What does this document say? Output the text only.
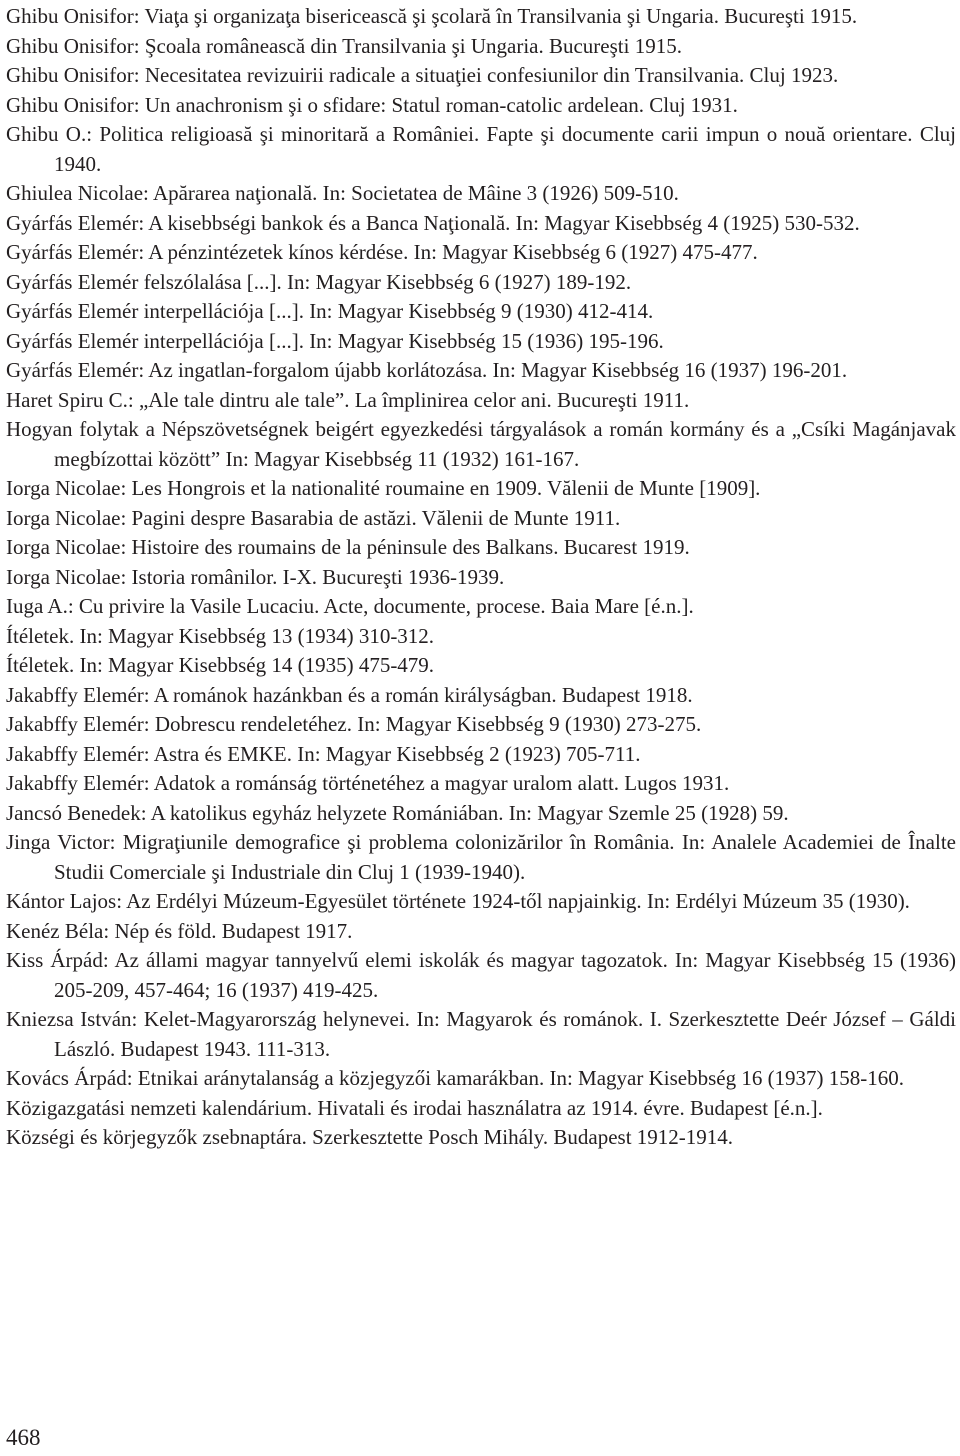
Ghibu Onisifor: Viaţa şi organizaţa bisericească şi şcolară în Transilvania şi Ungaria. Bucureşti 1915.
Ghibu Onisifor: Şcoala românească din Transilvania şi Ungaria. Bucureşti 1915.
Ghibu Onisifor: Necesitatea revizuirii radicale a situaţiei confesiunilor din Transilvania. Cluj 1923.
Ghibu Onisifor: Un anachronism şi o sfidare: Statul roman-catolic ardelean. Cluj 1931.
Ghibu O.: Politica religioasă şi minoritară a României. Fapte şi documente carii impun o nouă orientare. Cluj 1940.
Ghiulea Nicolae: Apărarea naţională. In: Societatea de Mâine 3 (1926) 509-510.
Gyárfás Elemér: A kisebbségi bankok és a Banca Naţională. In: Magyar Kisebbség 4 (1925) 530-532.
Gyárfás Elemér: A pénzintézetek kínos kérdése. In: Magyar Kisebbség 6 (1927) 475-477.
Gyárfás Elemér felszólalása [...]. In: Magyar Kisebbség 6 (1927) 189-192.
Gyárfás Elemér interpellációja [...]. In: Magyar Kisebbség 9 (1930) 412-414.
Gyárfás Elemér interpellációja [...]. In: Magyar Kisebbség 15 (1936) 195-196.
Gyárfás Elemér: Az ingatlan-forgalom újabb korlátozása. In: Magyar Kisebbség 16 (1937) 196-201.
Haret Spiru C.: „Ale tale dintru ale tale”. La împlinirea celor ani. Bucureşti 1911.
Hogyan folytak a Népszövetségnek beigért egyezkedési tárgyalások a román kormány és a „Csíki Magánjavak megbízottai között” In: Magyar Kisebbség 11 (1932) 161-167.
Iorga Nicolae: Les Hongrois et la nationalité roumaine en 1909. Vălenii de Munte [1909].
Iorga Nicolae: Pagini despre Basarabia de astăzi. Vălenii de Munte 1911.
Iorga Nicolae: Histoire des roumains de la péninsule des Balkans. Bucarest 1919.
Iorga Nicolae: Istoria românilor. I-X. Bucureşti 1936-1939.
Iuga A.: Cu privire la Vasile Lucaciu. Acte, documente, procese. Baia Mare [é.n.].
Ítéletek. In: Magyar Kisebbség 13 (1934) 310-312.
Ítéletek. In: Magyar Kisebbség 14 (1935) 475-479.
Jakabffy Elemér: A románok hazánkban és a román királyságban. Budapest 1918.
Jakabffy Elemér: Dobrescu rendeletéhez. In: Magyar Kisebbség 9 (1930) 273-275.
Jakabffy Elemér: Astra és EMKE. In: Magyar Kisebbség 2 (1923) 705-711.
Jakabffy Elemér: Adatok a románság történetéhez a magyar uralom alatt. Lugos 1931.
Jancsó Benedek: A katolikus egyház helyzete Romániában. In: Magyar Szemle 25 (1928) 59.
Jinga Victor: Migraţiunile demografice şi problema colonizărilor în România. In: Analele Academiei de Înalte Studii Comerciale şi Industriale din Cluj 1 (1939-1940).
Kántor Lajos: Az Erdélyi Múzeum-Egyesület története 1924-től napjainkig. In: Erdélyi Múzeum 35 (1930).
Kenéz Béla: Nép és föld. Budapest 1917.
Kiss Árpád: Az állami magyar tannyelvű elemi iskolák és magyar tagozatok. In: Magyar Kisebbség 15 (1936) 205-209, 457-464; 16 (1937) 419-425.
Kniezsa István: Kelet-Magyarország helynevei. In: Magyarok és románok. I. Szerkesztette Deér József – Gáldi László. Budapest 1943. 111-313.
Kovács Árpád: Etnikai aránytalanság a közjegyzői kamarákban. In: Magyar Kisebbség 16 (1937) 158-160.
Közigazgatási nemzeti kalendárium. Hivatali és irodai használatra az 1914. évre. Budapest [é.n.].
Községi és körjegyzők zsebnaptára. Szerkesztette Posch Mihály. Budapest 1912-1914.

468
